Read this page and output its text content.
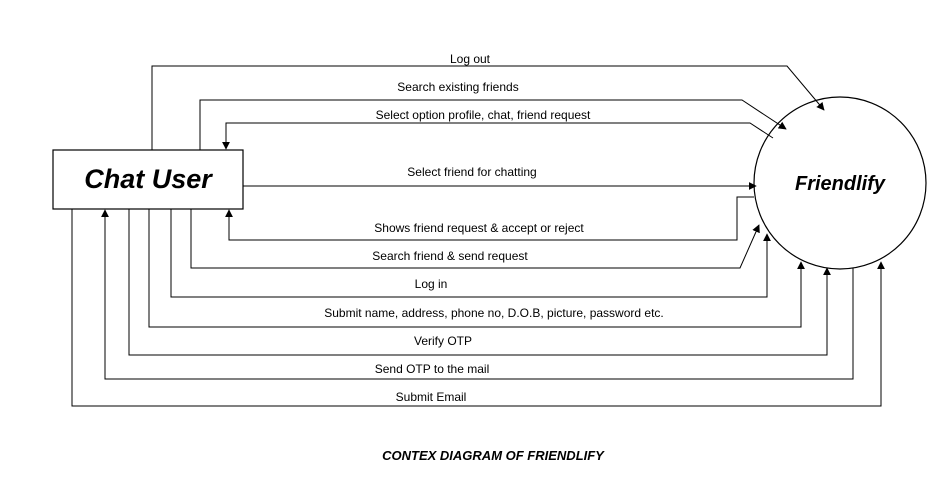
Chat User	Friendlify
Log out
Search existing friends
Select option profile, chat, friend request
Select friend for chatting
Shows friend request & accept or reject
Search friend & send request
Log in
Submit name, address, phone no, D.O.B, picture, password etc.
Verify OTP
Send OTP to the mail
Submit Email
CONTEX DIAGRAM OF FRIENDLIFY
